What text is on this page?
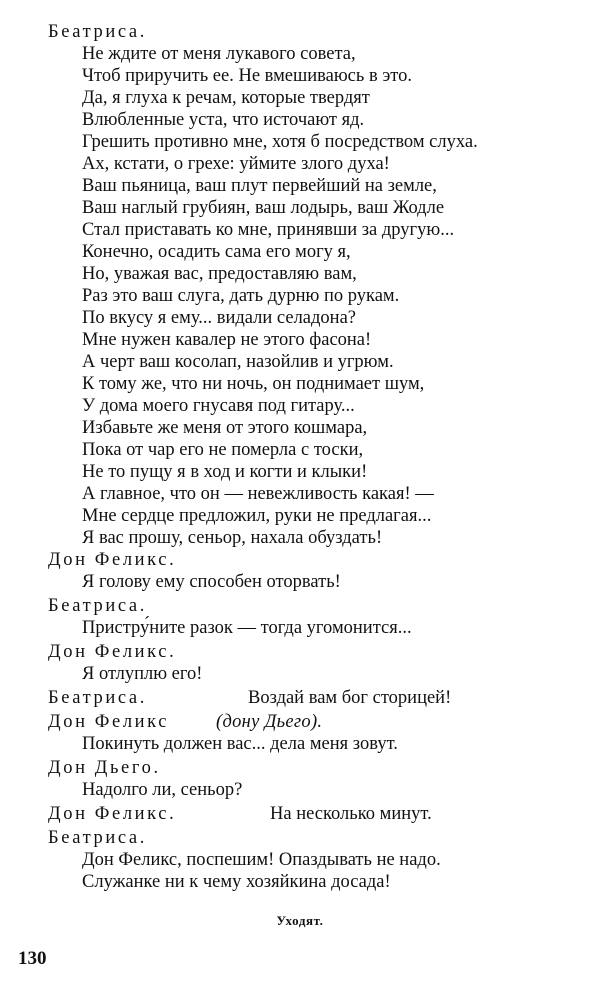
Беатриса.
Не ждите от меня лукавого совета,
Чтоб приручить ее. Не вмешиваюсь в это.
Да, я глуха к речам, которые твердят
Влюбленные уста, что источают яд.
Грешить противно мне, хотя б посредством слуха.
Ах, кстати, о грехе: уймите злого духа!
Ваш пьяница, ваш плут первейший на земле,
Ваш наглый грубиян, ваш лодырь, ваш Жодле
Стал приставать ко мне, принявши за другую...
Конечно, осадить сама его могу я,
Но, уважая вас, предоставляю вам,
Раз это ваш слуга, дать дурню по рукам.
По вкусу я ему... видали селадона?
Мне нужен кавалер не этого фасона!
А черт ваш косолап, назойлив и угрюм.
К тому же, что ни ночь, он поднимает шум,
У дома моего гнусавя под гитару...
Избавьте же меня от этого кошмара,
Пока от чар его не померла с тоски,
Не то пущу я в ход и когти и клыки!
А главное, что он — невежливость какая! —
Мне сердце предложил, руки не предлагая...
Я вас прошу, сеньор, нахала обуздать!
Дон Феликс.
Я голову ему способен оторвать!
Беатриса.
Пристру́ните разок — тогда угомонится...
Дон Феликс.
Я отлуплю его!
Беатриса.	Воздай вам бог сторицей!
Дон Феликс	(дону Дьего).
Покинуть должен вас... дела меня зовут.
Дон Дьего.
Надолго ли, сеньор?
Дон Феликс.	На несколько минут.
Беатриса.
Дон Феликс, поспешим! Опаздывать не надо.
Служанке ни к чему хозяйкина досада!
Уходят.
130
